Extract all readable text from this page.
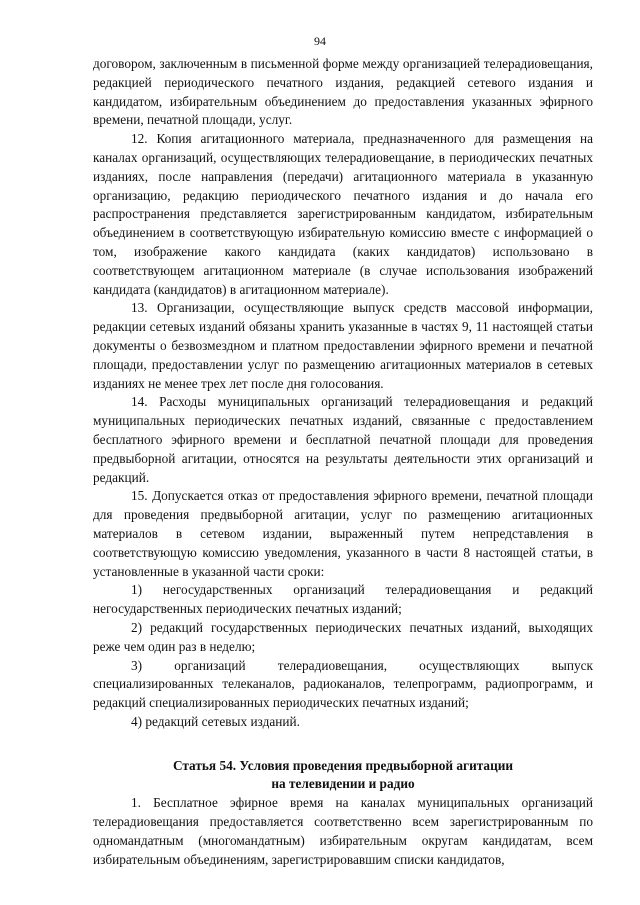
94

договором, заключенным в письменной форме между организацией телерадиовещания, редакцией периодического печатного издания, редакцией сетевого издания и кандидатом, избирательным объединением до предоставления указанных эфирного времени, печатной площади, услуг.

12. Копия агитационного материала, предназначенного для размещения на каналах организаций, осуществляющих телерадиовещание, в периодических печатных изданиях, после направления (передачи) агитационного материала в указанную организацию, редакцию периодического печатного издания и до начала его распространения представляется зарегистрированным кандидатом, избирательным объединением в соответствующую избирательную комиссию вместе с информацией о том, изображение какого кандидата (каких кандидатов) использовано в соответствующем агитационном материале (в случае использования изображений кандидата (кандидатов) в агитационном материале).

13. Организации, осуществляющие выпуск средств массовой информации, редакции сетевых изданий обязаны хранить указанные в частях 9, 11 настоящей статьи документы о безвозмездном и платном предоставлении эфирного времени и печатной площади, предоставлении услуг по размещению агитационных материалов в сетевых изданиях не менее трех лет после дня голосования.

14. Расходы муниципальных организаций телерадиовещания и редакций муниципальных периодических печатных изданий, связанные с предоставлением бесплатного эфирного времени и бесплатной печатной площади для проведения предвыборной агитации, относятся на результаты деятельности этих организаций и редакций.

15. Допускается отказ от предоставления эфирного времени, печатной площади для проведения предвыборной агитации, услуг по размещению агитационных материалов в сетевом издании, выраженный путем непредставления в соответствующую комиссию уведомления, указанного в части 8 настоящей статьи, в установленные в указанной части сроки:

1) негосударственных организаций телерадиовещания и редакций негосударственных периодических печатных изданий;

2) редакций государственных периодических печатных изданий, выходящих реже чем один раз в неделю;

3) организаций телерадиовещания, осуществляющих выпуск специализированных телеканалов, радиоканалов, телепрограмм, радиопрограмм, и редакций специализированных периодических печатных изданий;

4) редакций сетевых изданий.

Статья 54. Условия проведения предвыборной агитации
на телевидении и радио

1. Бесплатное эфирное время на каналах муниципальных организаций телерадиовещания предоставляется соответственно всем зарегистрированным по одномандатным (многомандатным) избирательным округам кандидатам, всем избирательным объединениям, зарегистрировавшим списки кандидатов,
